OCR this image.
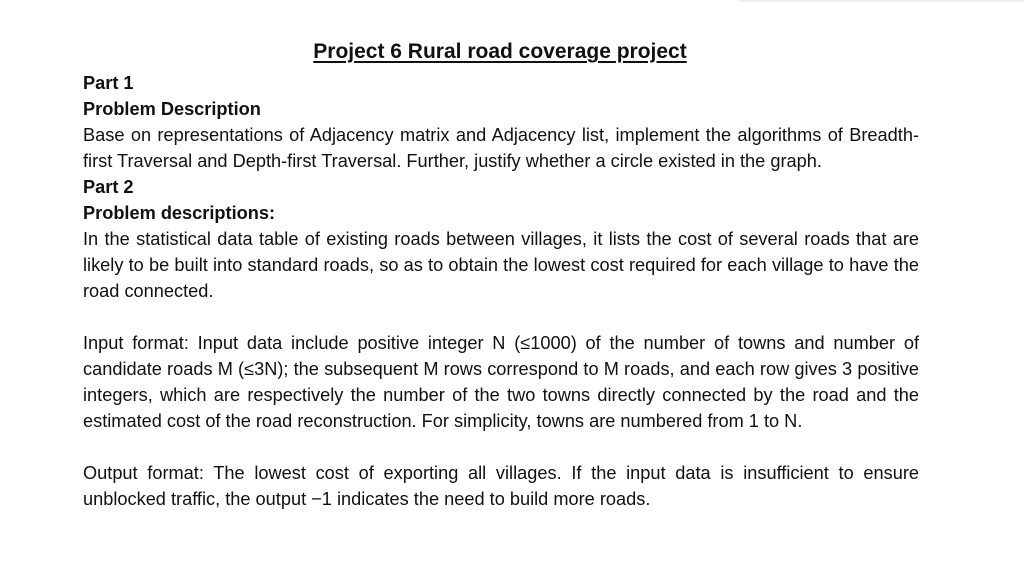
Project 6 Rural road coverage project
Part 1
Problem Description
Base on representations of Adjacency matrix and Adjacency list, implement the algorithms of Breadth-first Traversal and Depth-first Traversal. Further, justify whether a circle existed in the graph.
Part 2
Problem descriptions:
In the statistical data table of existing roads between villages, it lists the cost of several roads that are likely to be built into standard roads, so as to obtain the lowest cost required for each village to have the road connected.
Input format: Input data include positive integer N (≤1000) of the number of towns and number of candidate roads M (≤3N); the subsequent M rows correspond to M roads, and each row gives 3 positive integers, which are respectively the number of the two towns directly connected by the road and the estimated cost of the road reconstruction. For simplicity, towns are numbered from 1 to N.
Output format: The lowest cost of exporting all villages. If the input data is insufficient to ensure unblocked traffic, the output −1 indicates the need to build more roads.
